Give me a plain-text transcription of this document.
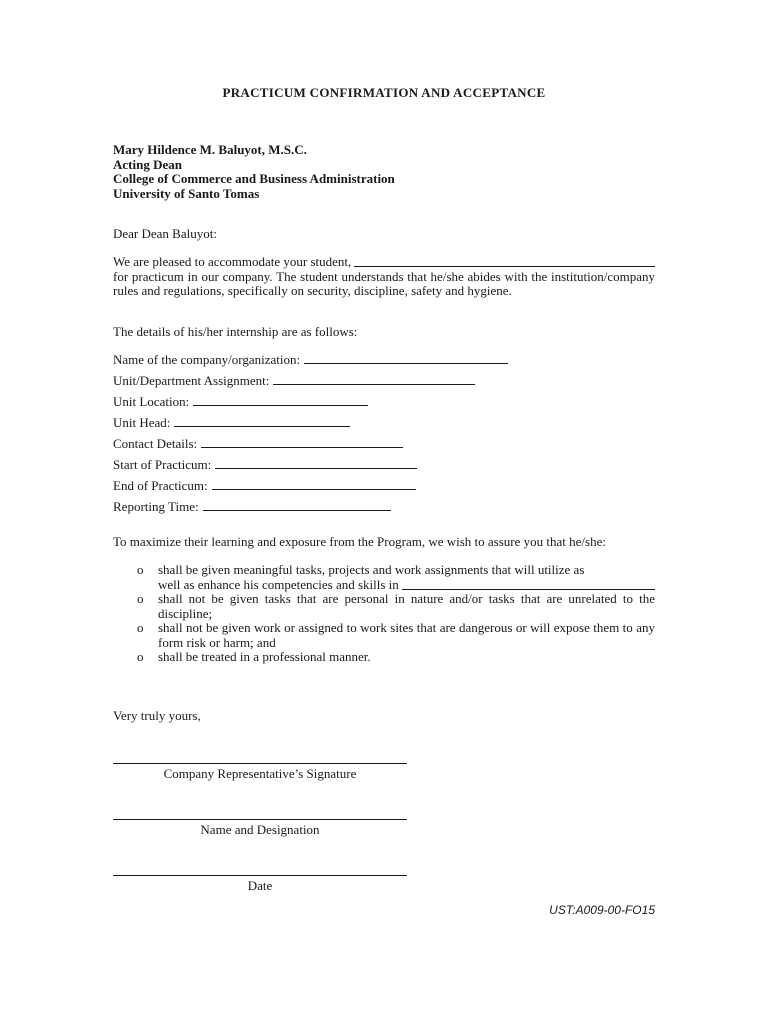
PRACTICUM CONFIRMATION AND ACCEPTANCE
Mary Hildence M. Baluyot, M.S.C.
Acting Dean
College of Commerce and Business Administration
University of Santo Tomas
Dear Dean Baluyot:
We are pleased to accommodate your student,
for practicum in our company. The student understands that he/she abides with the institution/company rules and regulations, specifically on security, discipline, safety and hygiene.
The details of his/her internship are as follows:
Name of the company/organization:
Unit/Department Assignment:
Unit Location:
Unit Head:
Contact Details:
Start of Practicum:
End of Practicum:
Reporting Time:
To maximize their learning and exposure from the Program, we wish to assure you that he/she:
o shall be given meaningful tasks, projects and work assignments that will utilize as
well as enhance his competencies and skills in
o shall not be given tasks that are personal in nature and/or tasks that are unrelated to the discipline;
o shall not be given work or assigned to work sites that are dangerous or will expose them to any form risk or harm; and
o shall be treated in a professional manner.
Very truly yours,
Company Representative’s Signature
Name and Designation
Date
UST:A009-00-FO15
